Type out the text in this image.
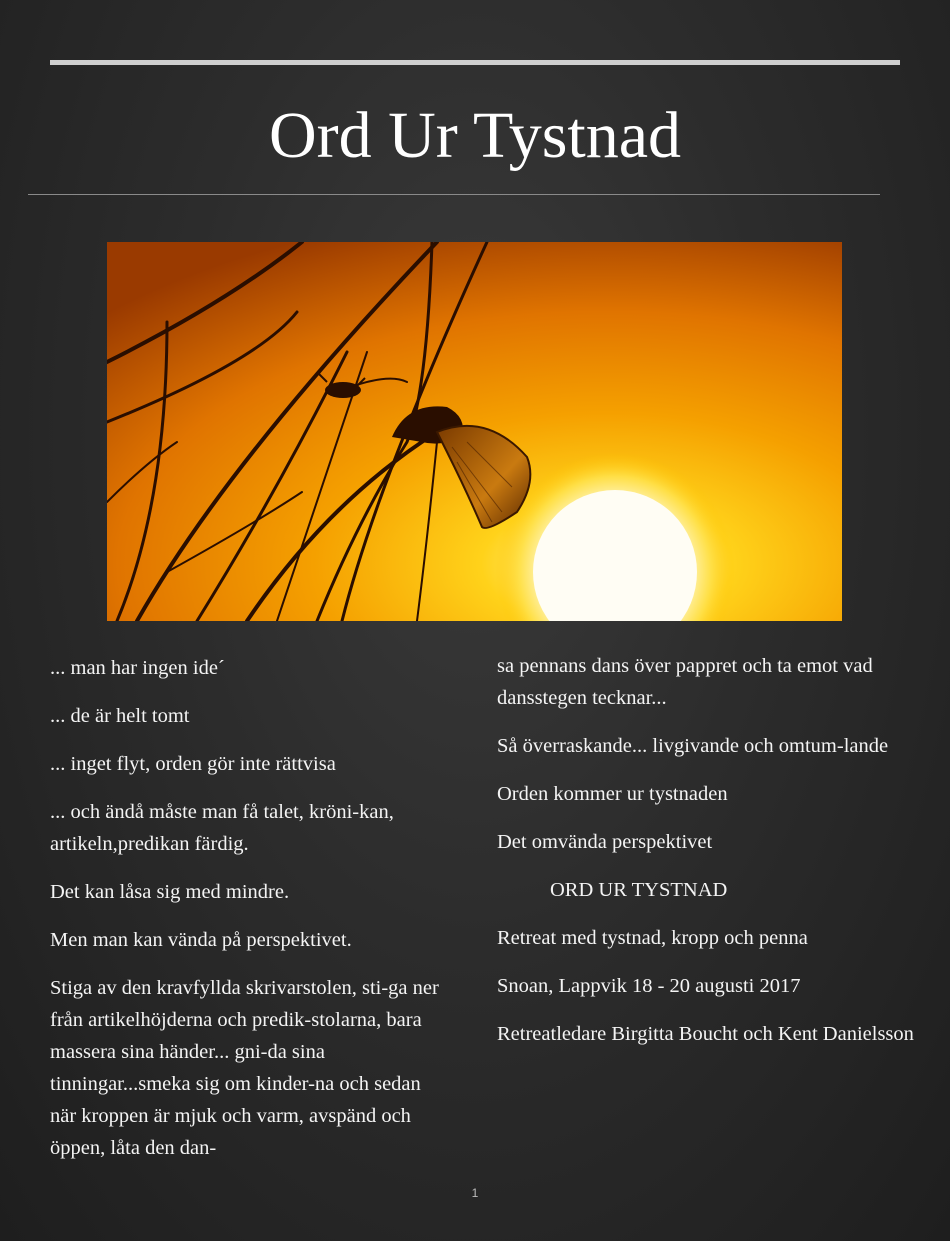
Ord Ur Tystnad

... man har ingen ide´

... de är helt tomt

... inget flyt, orden gör inte rättvisa

... och ändå måste man få talet, kröni-kan, artikeln,predikan färdig.

Det kan låsa sig med mindre.

Men man kan vända på perspektivet.

Stiga av den kravfyllda skrivarstolen, sti-ga ner från artikelhöjderna och predik-stolarna, bara massera sina händer... gni-da sina tinningar...smeka sig om kinder-na och sedan när kroppen är mjuk och varm, avspänd och öppen, låta den dan-

sa pennans dans över pappret och ta emot vad dansstegen tecknar...

Så överraskande... livgivande och omtum-lande

Orden kommer ur tystnaden

Det omvända perspektivet

ORD UR TYSTNAD

Retreat med tystnad, kropp och penna

Snoan, Lappvik 18 - 20 augusti 2017

Retreatledare Birgitta Boucht och Kent Danielsson

1
